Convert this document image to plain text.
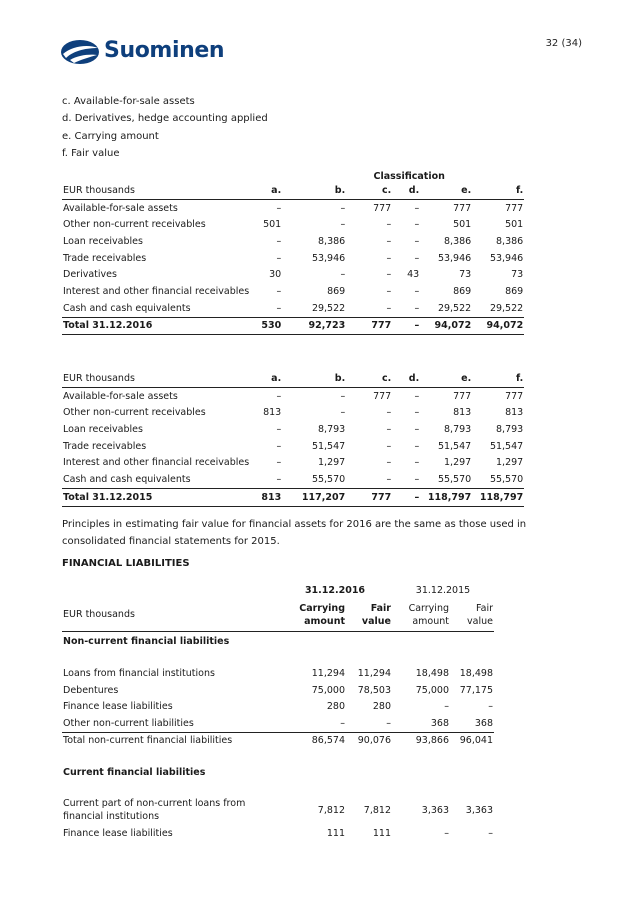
Suominen	32 (34)
c. Available-for-sale assets
d. Derivatives, hedge accounting applied
e. Carrying amount
f. Fair value
			Classification			
EUR thousands	a.	b.	c.	d.	e.	f.
Available-for-sale assets	–	–	777	–	777	777
Other non-current receivables	501	–	–	–	501	501
Loan receivables	–	8,386	–	–	8,386	8,386
Trade receivables	–	53,946	–	–	53,946	53,946
Derivatives	30	–	–	43	73	73
Interest and other financial receivables	–	869	–	–	869	869
Cash and cash equivalents	–	29,522	–	–	29,522	29,522
Total 31.12.2016	530	92,723	777	–	94,072	94,072
EUR thousands	a.	b.	c.	d.	e.	f.
Available-for-sale assets	–	–	777	–	777	777
Other non-current receivables	813	–	–	–	813	813
Loan receivables	–	8,793	–	–	8,793	8,793
Trade receivables	–	51,547	–	–	51,547	51,547
Interest and other financial receivables	–	1,297	–	–	1,297	1,297
Cash and cash equivalents	–	55,570	–	–	55,570	55,570
Total 31.12.2015	813	117,207	777	–	118,797	118,797
Principles in estimating fair value for financial assets for 2016 are the same as those used in consolidated financial statements for 2015.
FINANCIAL LIABILITIES
	31.12.2016		31.12.2015	
EUR thousands	Carrying amount	Fair value	Carrying amount	Fair value
Non-current financial liabilities				

Loans from financial institutions	11,294	11,294	18,498	18,498
Debentures	75,000	78,503	75,000	77,175
Finance lease liabilities	280	280	–	–
Other non-current liabilities	–	–	368	368
Total non-current financial liabilities	86,574	90,076	93,866	96,041

Current financial liabilities				

Current part of non-current loans from financial institutions	7,812	7,812	3,363	3,363
Finance lease liabilities	111	111	–	–
